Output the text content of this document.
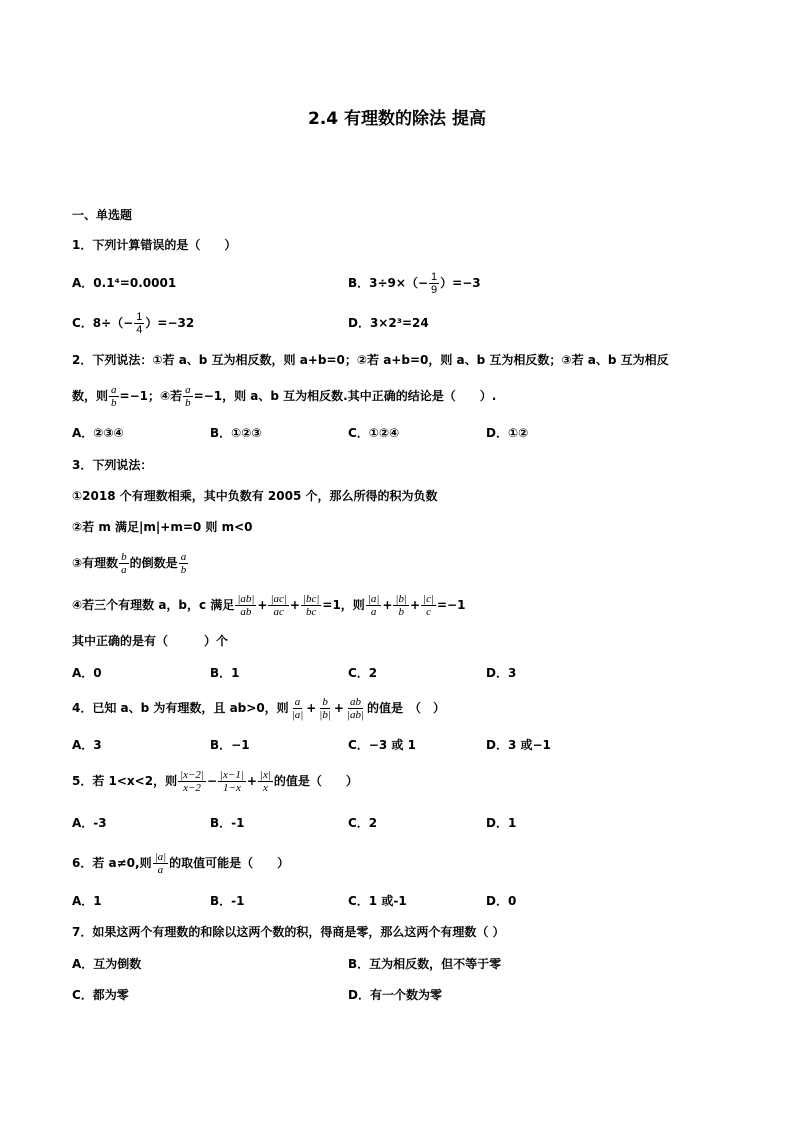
2.4 有理数的除法 提高
一、单选题
1．下列计算错误的是（　　）
A．0.1⁴=0.0001	B．$3\div 9\times(- \frac{1}{9} )=-3$
C．$8\div(- \frac{1}{4} )=-32$	D．3×2³=24
2．下列说法：①若 a、b 互为相反数，则 a+b=0；②若 a+b=0，则 a、b 互为相反数；③若 a、b 互为相反
数，则 $\frac{a}{b} =-1$；④若 $\frac{a}{b} =-1$，则 a、b 互为相反数.其中正确的结论是（　　）.
A．②③④	B．①②③	C．①②④	D．①②
3．下列说法：
①2018 个有理数相乘，其中负数有 2005 个，那么所得的积为负数
②若 m 满足|m|+m=0 则 m<0
③有理数 $\frac{b}{a}$ 的倒数是 $\frac{a}{b}$
④若三个有理数 a，b，c 满足 $\frac{|ab|}{ab} + \frac{|ac|}{ac} + \frac{|bc|}{bc} =1$，则 $\frac{|a|}{a} + \frac{|b|}{b} + \frac{|c|}{c} =-1$
其中正确的是有（　　　）个
A．0	B．1	C．2	D．3
4．已知 a、b 为有理数，且 ab>0，则 $\frac{a}{|a|} + \frac{b}{|b|} + \frac{ab}{|ab|}$ 的值是　（　）
A．3	B．−1	C．−3 或 1	D．3 或−1
5．若 1<x<2，则 $\frac{|x-2|}{x-2} - \frac{|x-1|}{1-x} + \frac{|x|}{x}$ 的值是（　　）
A．-3	B．-1	C．2	D．1
6．若 a≠0,则 $\frac{|a|}{a}$ 的取值可能是（　　）
A．1	B．-1	C．1 或-1	D．0
7．如果这两个有理数的和除以这两个数的积，得商是零，那么这两个有理数（ ）
A．互为倒数	B．互为相反数，但不等于零
C．都为零	D．有一个数为零
